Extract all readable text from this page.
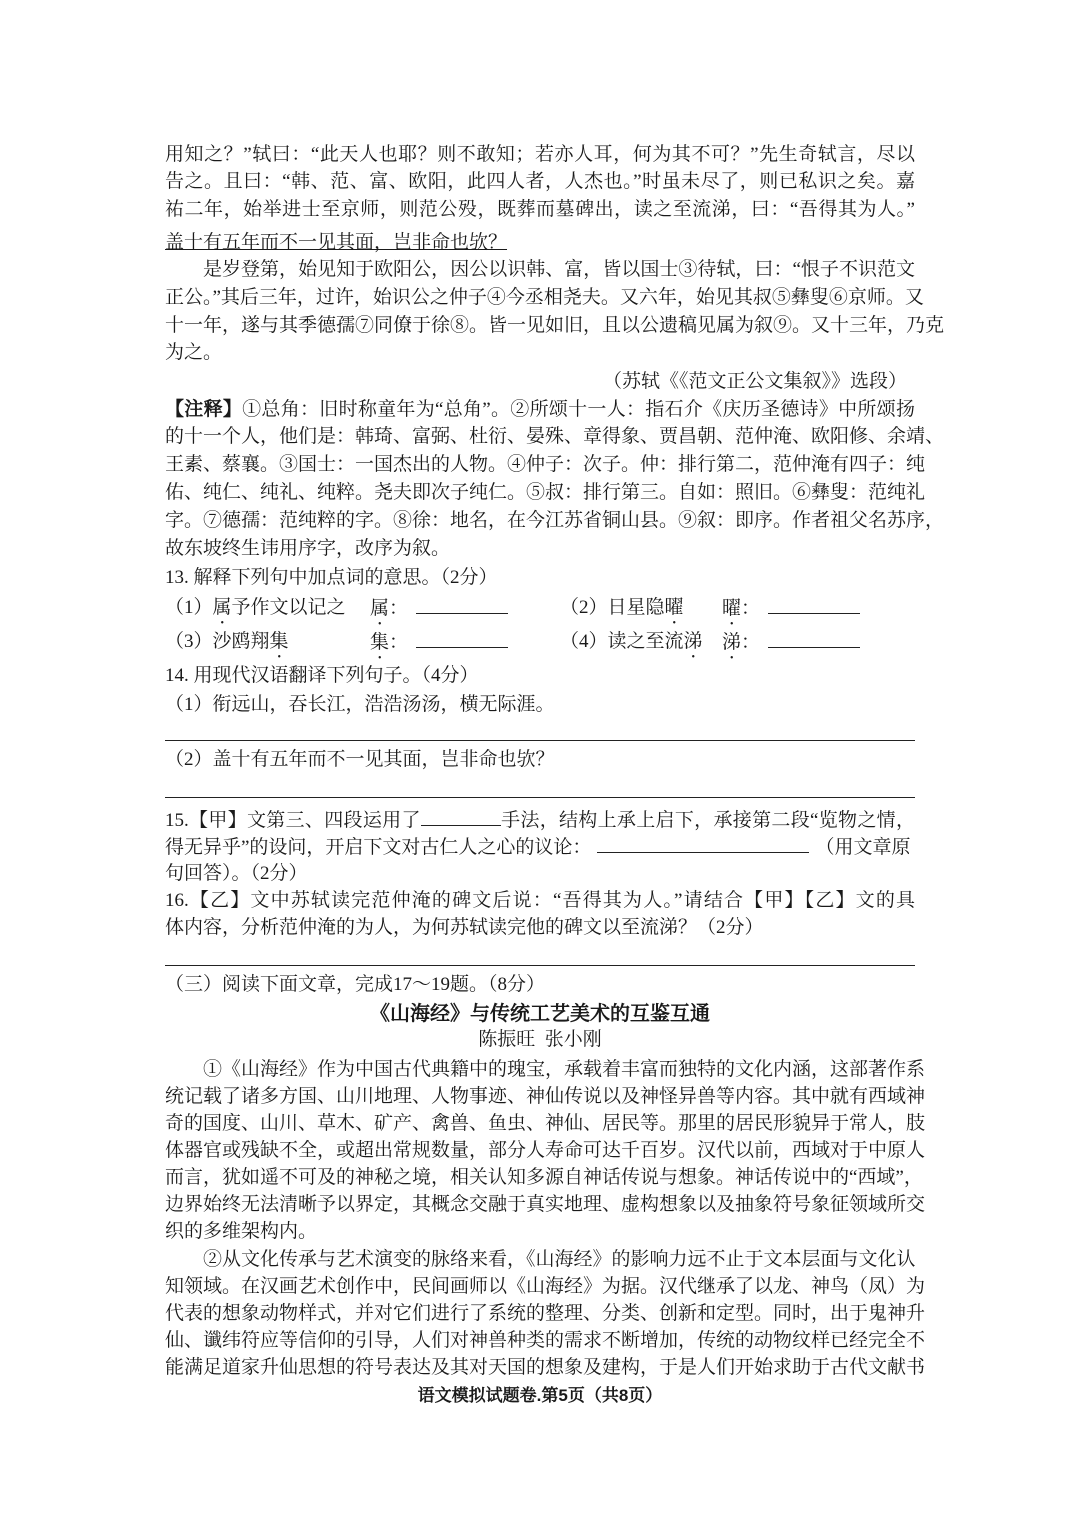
用知之？”轼曰：“此天人也耶？则不敢知；若亦人耳，何为其不可？”先生奇轼言，尽以
告之。且曰：“韩、范、富、欧阳，此四人者，人杰也。”时虽未尽了，则已私识之矣。嘉
祐二年，始举进士至京师，则范公殁，既葬而墓碑出，读之至流涕，曰：“吾得其为人。”
盖十有五年而不一见其面，岂非命也欤？
是岁登第，始见知于欧阳公，因公以识韩、富，皆以国士③待轼，曰：“恨子不识范文
正公。”其后三年，过许，始识公之仲子④今丞相尧夫。又六年，始见其叔⑤彝叟⑥京师。又
十一年，遂与其季德孺⑦同僚于徐⑧。皆一见如旧，且以公遗稿见属为叙⑨。又十三年，乃克
为之。
（苏轼《《范文正公文集叙》》选段）
【注释】①总角：旧时称童年为“总角”。②所颂十一人：指石介《庆历圣德诗》中所颂扬
的十一个人，他们是：韩琦、富弼、杜衍、晏殊、章得象、贾昌朝、范仲淹、欧阳修、余靖、
王素、蔡襄。③国士：一国杰出的人物。④仲子：次子。仲：排行第二，范仲淹有四子：纯
佑、纯仁、纯礼、纯粹。尧夫即次子纯仁。⑤叔：排行第三。自如：照旧。⑥彝叟：范纯礼
字。⑦德孺：范纯粹的字。⑧徐：地名，在今江苏省铜山县。⑨叙：即序。作者祖父名苏序，
故东坡终生讳用序字，改序为叙。
13. 解释下列句中加点词的意思。（2分）
（1）属予作文以记之 属：	（2）日星隐曜 曜：
（3）沙鸥翔集	集：	（4）读之至流涕 涕：
14. 用现代汉语翻译下列句子。（4分）
（1）衔远山，吞长江，浩浩汤汤，横无际涯。
（2）盖十有五年而不一见其面，岂非命也欤？
15.【甲】文第三、四段运用了	手法，结构上承上启下，承接第二段“览物之情，
得无异乎”的设问，开启下文对古仁人之心的议论：	（用文章原
句回答）。（2分）
16.【乙】文中苏轼读完范仲淹的碑文后说：“吾得其为人。”请结合【甲】【乙】文的具
体内容，分析范仲淹的为人，为何苏轼读完他的碑文以至流涕？（2分）
（三）阅读下面文章，完成17～19题。（8分）
《山海经》与传统工艺美术的互鉴互通
陈振旺  张小刚
①《山海经》作为中国古代典籍中的瑰宝，承载着丰富而独特的文化内涵，这部著作系
统记载了诸多方国、山川地理、人物事迹、神仙传说以及神怪异兽等内容。其中就有西域神
奇的国度、山川、草木、矿产、禽兽、鱼虫、神仙、居民等。那里的居民形貌异于常人，肢
体器官或残缺不全，或超出常规数量，部分人寿命可达千百岁。汉代以前，西域对于中原人
而言，犹如遥不可及的神秘之境，相关认知多源自神话传说与想象。神话传说中的“西域”，
边界始终无法清晰予以界定，其概念交融于真实地理、虚构想象以及抽象符号象征领域所交
织的多维架构内。
②从文化传承与艺术演变的脉络来看，《山海经》的影响力远不止于文本层面与文化认
知领域。在汉画艺术创作中，民间画师以《山海经》为据。汉代继承了以龙、神鸟（凤）为
代表的想象动物样式，并对它们进行了系统的整理、分类、创新和定型。同时，出于鬼神升
仙、谶纬符应等信仰的引导，人们对神兽种类的需求不断增加，传统的动物纹样已经完全不
能满足道家升仙思想的符号表达及其对天国的想象及建构，于是人们开始求助于古代文献书
语文模拟试题卷.第5页（共8页）
